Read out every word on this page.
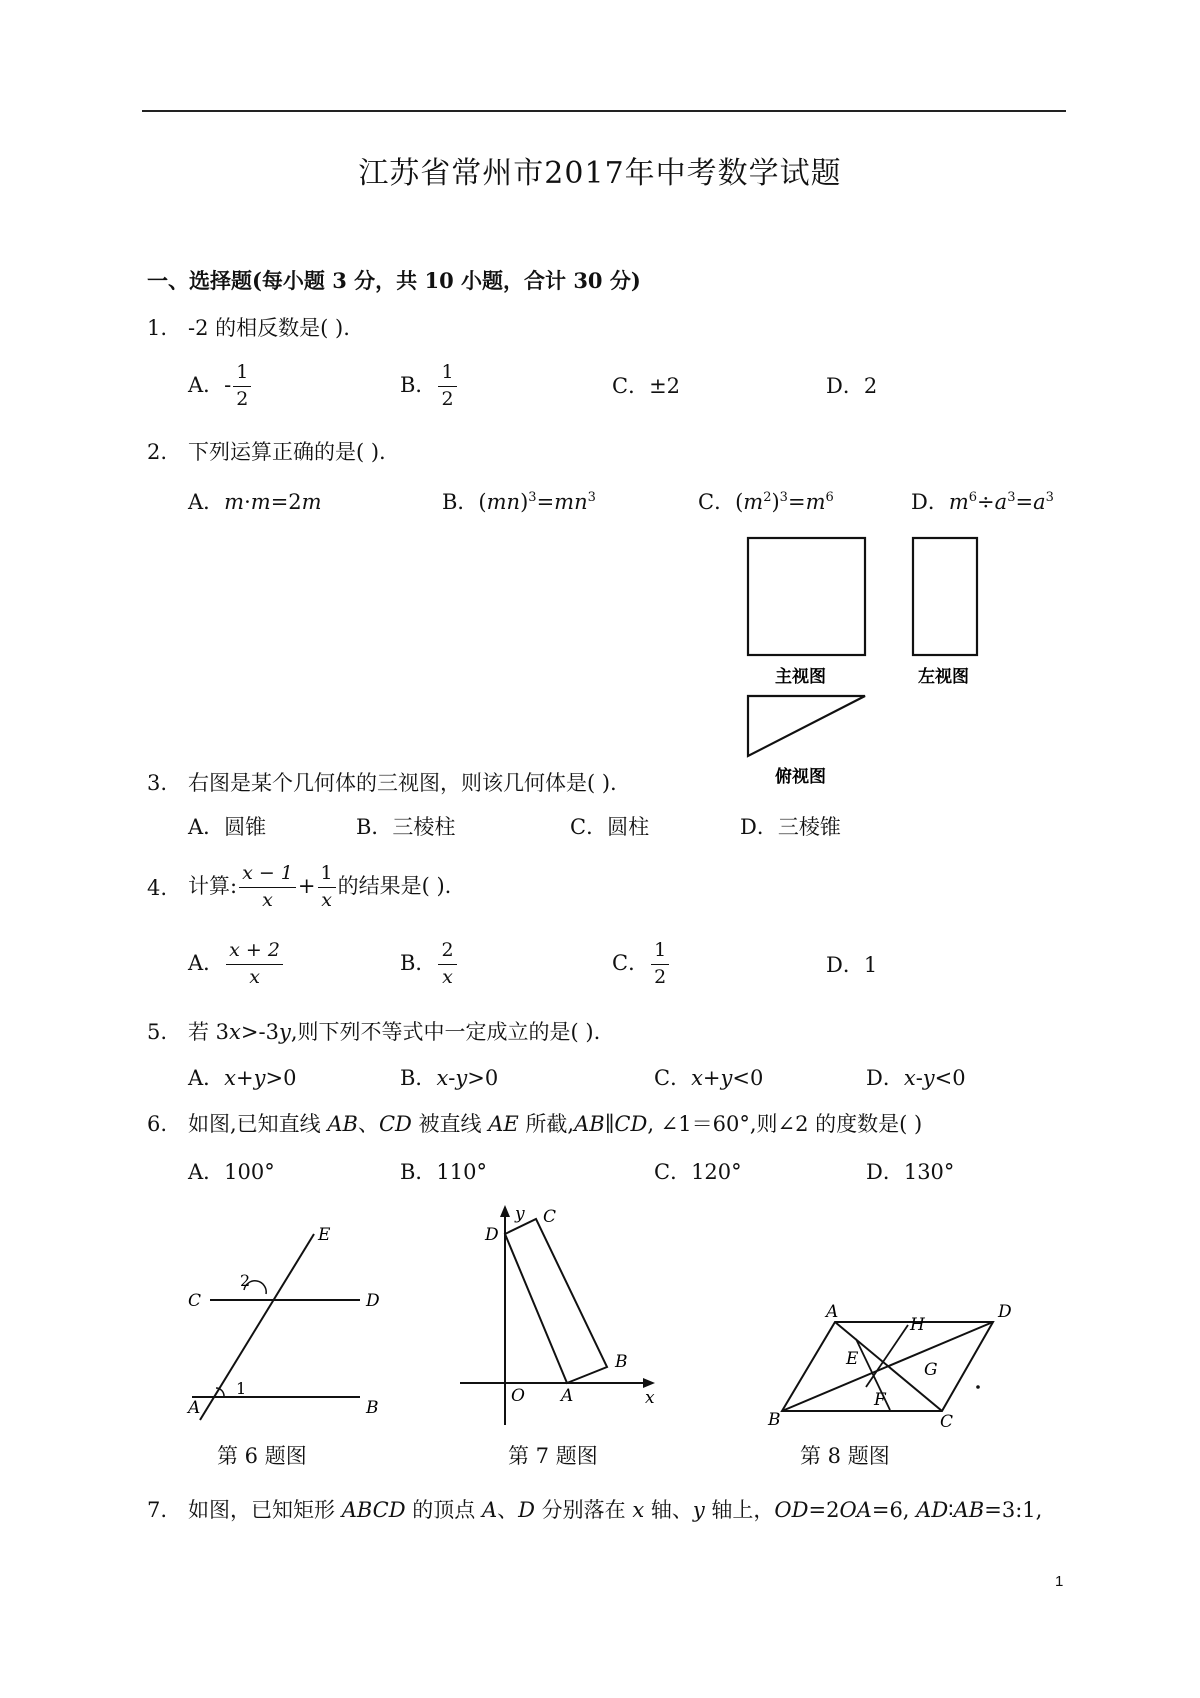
江苏省常州市2017年中考数学试题
一、选择题(每小题 3 分，共 10 小题，合计 30 分)
1. -2 的相反数是( ).
A．- $\frac{1}{2}$	B． $\frac{1}{2}$	C．±2	D．2
2. 下列运算正确的是( ).
A．m·m=2m	B．$(mn)^3=mn^3$	C．$(m^2)^3=m^6$	D．$m^6\div a^3=a^3$
主视图	左视图
俯视图
3. 右图是某个几何体的三视图，则该几何体是( ).
A．圆锥	B．三棱柱	C．圆柱	D．三棱锥
4. 计算: $\frac{x - 1}{x} + \frac{1}{x}$ 的结果是( ).
A． $\frac{x + 2}{x}$	B． $\frac{2}{x}$	C． $\frac{1}{2}$	D．1
5. 若 3x>-3y,则下列不等式中一定成立的是( ).
A．x+y>0	B．x-y>0	C．x+y<0	D．x-y<0
6. 如图,已知直线 AB、CD 被直线 AE 所截,AB∥CD, ∠1＝60°,则∠2 的度数是( )
A．100°	B．110°	C．120°	D．130°
E
C	D
A	B
2
1
第 6 题图
y
x
O A
B
C
D
第 7 题图
A	D
B	C
E
F
G
H
第 8 题图
7. 如图，已知矩形 ABCD 的顶点 A、D 分别落在 x 轴、y 轴上，OD=2OA=6, AD∶AB=3:1,
1
